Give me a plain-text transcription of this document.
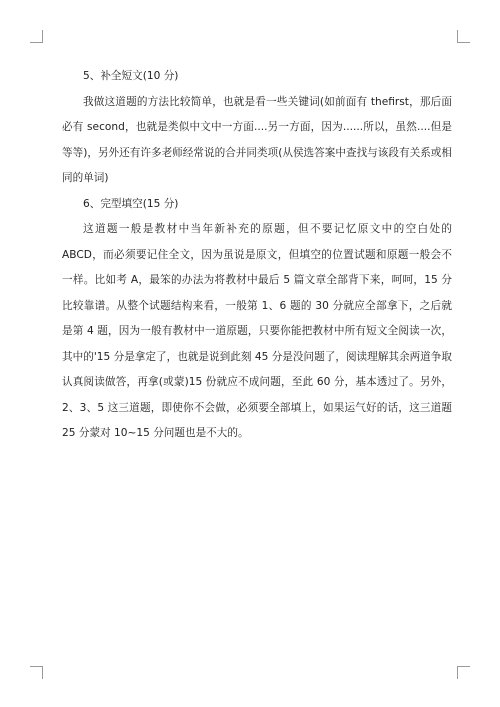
5、补全短文(10 分)

我做这道题的方法比较简单，也就是看一些关键词(如前面有 thefirst，那后面必有 second，也就是类似中文中一方面....另一方面，因为......所以，虽然....但是等等)，另外还有许多老师经常说的合并同类项(从侯选答案中查找与该段有关系或相同的单词)

6、完型填空(15 分)

这道题一般是教材中当年新补充的原题，但不要记忆原文中的空白处的 ABCD，而必须要记住全文，因为虽说是原文，但填空的位置试题和原题一般会不一样。比如考 A，最笨的办法为将教材中最后 5 篇文章全部背下来，呵呵，15 分比较靠谱。从整个试题结构来看，一般第 1、6 题的 30 分就应全部拿下，之后就是第 4 题，因为一般有教材中一道原题，只要你能把教材中所有短文全阅读一次，其中的'15 分是拿定了，也就是说到此刻 45 分是没问题了，阅读理解其余两道争取认真阅读做答，再拿(或蒙)15 份就应不成问题，至此 60 分，基本透过了。另外，2、3、5 这三道题，即使你不会做，必须要全部填上，如果运气好的话，这三道题 25 分蒙对 10~15 分问题也是不大的。
